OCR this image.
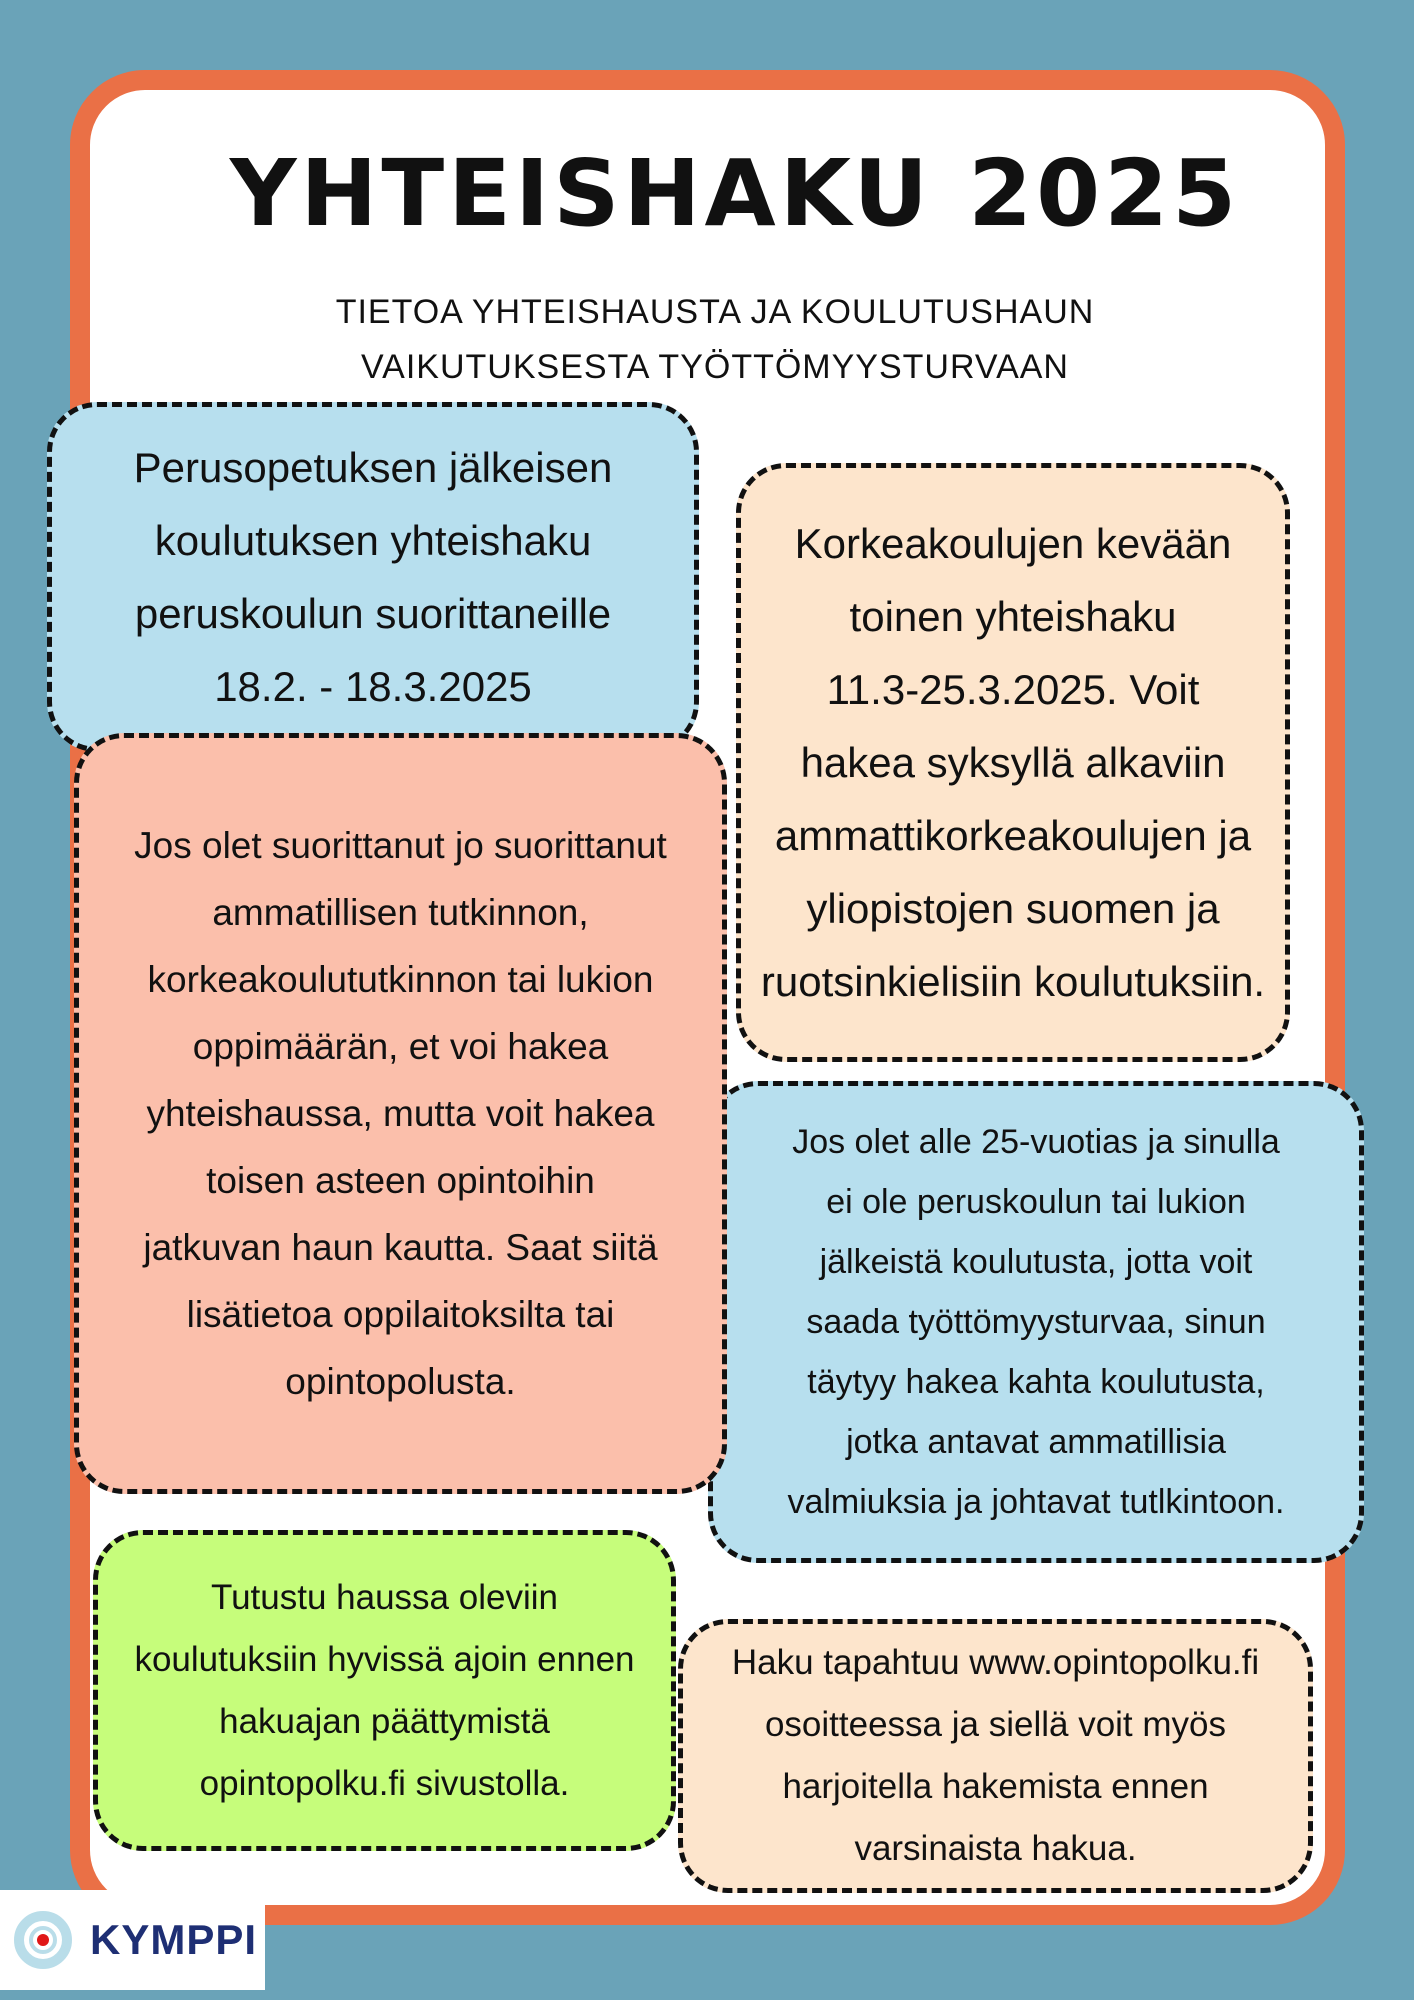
YHTEISHAKU 2025
TIETOA YHTEISHAUSTA JA KOULUTUSHAUN
VAIKUTUKSESTA TYÖTTÖMYYSTURVAAN
Perusopetuksen jälkeisen
koulutuksen yhteishaku
peruskoulun suorittaneille
18.2. - 18.3.2025
Korkeakoulujen kevään
toinen yhteishaku
11.3-25.3.2025. Voit
hakea syksyllä alkaviin
ammattikorkeakoulujen ja
yliopistojen suomen ja
ruotsinkielisiin koulutuksiin.
Jos olet suorittanut jo suorittanut
ammatillisen tutkinnon,
korkeakoulututkinnon tai lukion
oppimäärän, et voi hakea
yhteishaussa, mutta voit hakea
toisen asteen opintoihin
jatkuvan haun kautta. Saat siitä
lisätietoa oppilaitoksilta tai
opintopolusta.
Jos olet alle 25-vuotias ja sinulla
ei ole peruskoulun tai lukion
jälkeistä koulutusta, jotta voit
saada työttömyysturvaa, sinun
täytyy hakea kahta koulutusta,
jotka antavat ammatillisia
valmiuksia ja johtavat tutlkintoon.
Tutustu haussa oleviin
koulutuksiin hyvissä ajoin ennen
hakuajan päättymistä
opintopolku.fi sivustolla.
Haku tapahtuu www.opintopolku.fi
osoitteessa ja siellä voit myös
harjoitella hakemista ennen
varsinaista hakua.
KYMPPI
